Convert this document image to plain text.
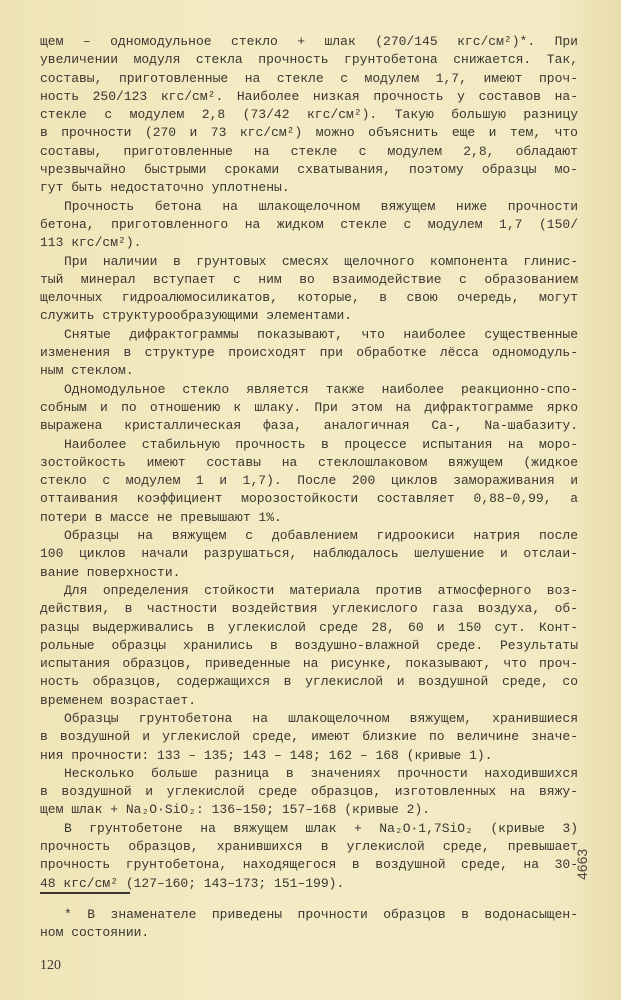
щем – одномодульное стекло + шлак (270/145 кгс/см²)*. При
увеличении модуля стекла прочность грунтобетона снижается. Так,
составы, приготовленные на стекле с модулем 1,7, имеют проч-
ность 250/123 кгс/см². Наиболее низкая прочность у составов на-
стекле с модулем 2,8 (73/42 кгс/см²). Такую большую разницу
в прочности (270 и 73 кгс/см²) можно объяснить еще и тем, что
составы, приготовленные на стекле с модулем 2,8, обладают
чрезвычайно быстрыми сроками схватывания, поэтому образцы мо-
гут быть недостаточно уплотнены.
Прочность бетона на шлакощелочном вяжущем ниже прочности
бетона, приготовленного на жидком стекле с модулем 1,7 (150/
113 кгс/см²).
При наличии в грунтовых смесях щелочного компонента глинис-
тый минерал вступает с ним во взаимодействие с образованием
щелочных гидроалюмосиликатов, которые, в свою очередь, могут
служить структурообразующими элементами.
Снятые дифрактограммы показывают, что наиболее существенные
изменения в структуре происходят при обработке лёсса одномодуль-
ным стеклом.
Одномодульное стекло является также наиболее реакционно-спо-
собным и по отношению к шлаку. При этом на дифрактограмме ярко
выражена кристаллическая фаза, аналогичная Ca-, Na-шабазиту.
Наиболее стабильную прочность в процессе испытания на моро-
зостойкость имеют составы на стеклошлаковом вяжущем (жидкое
стекло с модулем 1 и 1,7). После 200 циклов замораживания и
оттаивания коэффициент морозостойкости составляет 0,88–0,99, а
потери в массе не превышают 1%.
Образцы на вяжущем с добавлением гидроокиси натрия после
100 циклов начали разрушаться, наблюдалось шелушение и отслаи-
вание поверхности.
Для определения стойкости материала против атмосферного воз-
действия, в частности воздействия углекислого газа воздуха, об-
разцы выдерживались в углекислой среде 28, 60 и 150 сут. Конт-
рольные образцы хранились в воздушно-влажной среде. Результаты
испытания образцов, приведенные на рисунке, показывают, что проч-
ность образцов, содержащихся в углекислой и воздушной среде, со
временем возрастает.
Образцы грунтобетона на шлакощелочном вяжущем, хранившиеся
в воздушной и углекислой среде, имеют близкие по величине значе-
ния прочности: 133 – 135; 143 – 148; 162 – 168 (кривые 1).
Несколько больше разница в значениях прочности находившихся
в воздушной и углекислой среде образцов, изготовленных на вяжу-
щем шлак + Na₂O·SiO₂: 136–150; 157–168 (кривые 2).
В грунтобетоне на вяжущем шлак + Na₂O·1,7SiO₂ (кривые 3)
прочность образцов, хранившихся в углекислой среде, превышает
прочность грунтобетона, находящегося в воздушной среде, на 30-
48 кгс/см² (127–160; 143–173; 151–199).
* В знаменателе приведены прочности образцов в водонасыщен-
ном состоянии.
120
4663
